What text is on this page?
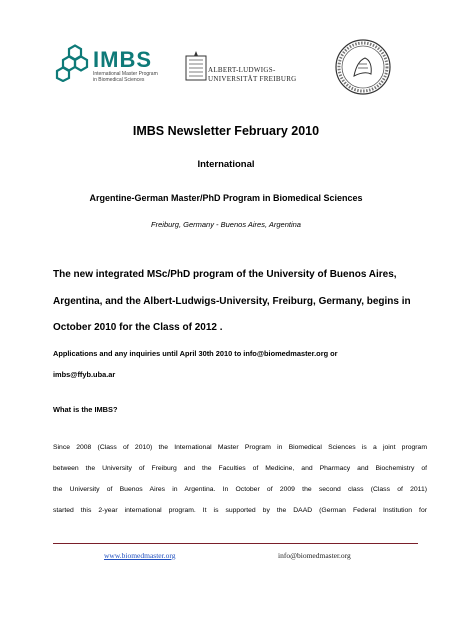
IMBS
International Master Program in Biomedical Sciences
ALBERT-LUDWIGS-
UNIVERSITÄT FREIBURG
IMBS Newsletter February 2010
International
Argentine-German Master/PhD Program in Biomedical Sciences
Freiburg, Germany - Buenos Aires, Argentina
The new integrated MSc/PhD program of the University of Buenos Aires,
Argentina, and the Albert-Ludwigs-University, Freiburg, Germany, begins in
October 2010 for the Class of 2012 .
Applications and any inquiries until April 30th 2010 to info@biomedmaster.org or
imbs@ffyb.uba.ar
What is the IMBS?
Since 2008 (Class of 2010) the International Master Program in Biomedical Sciences is a joint program
between the University of Freiburg and the Faculties of Medicine, and Pharmacy and Biochemistry of
the University of Buenos Aires in Argentina. In October of 2009 the second class (Class of 2011)
started this 2-year international program. It is supported by the DAAD (German Federal Institution for
www.biomedmaster.org	info@biomedmaster.org
